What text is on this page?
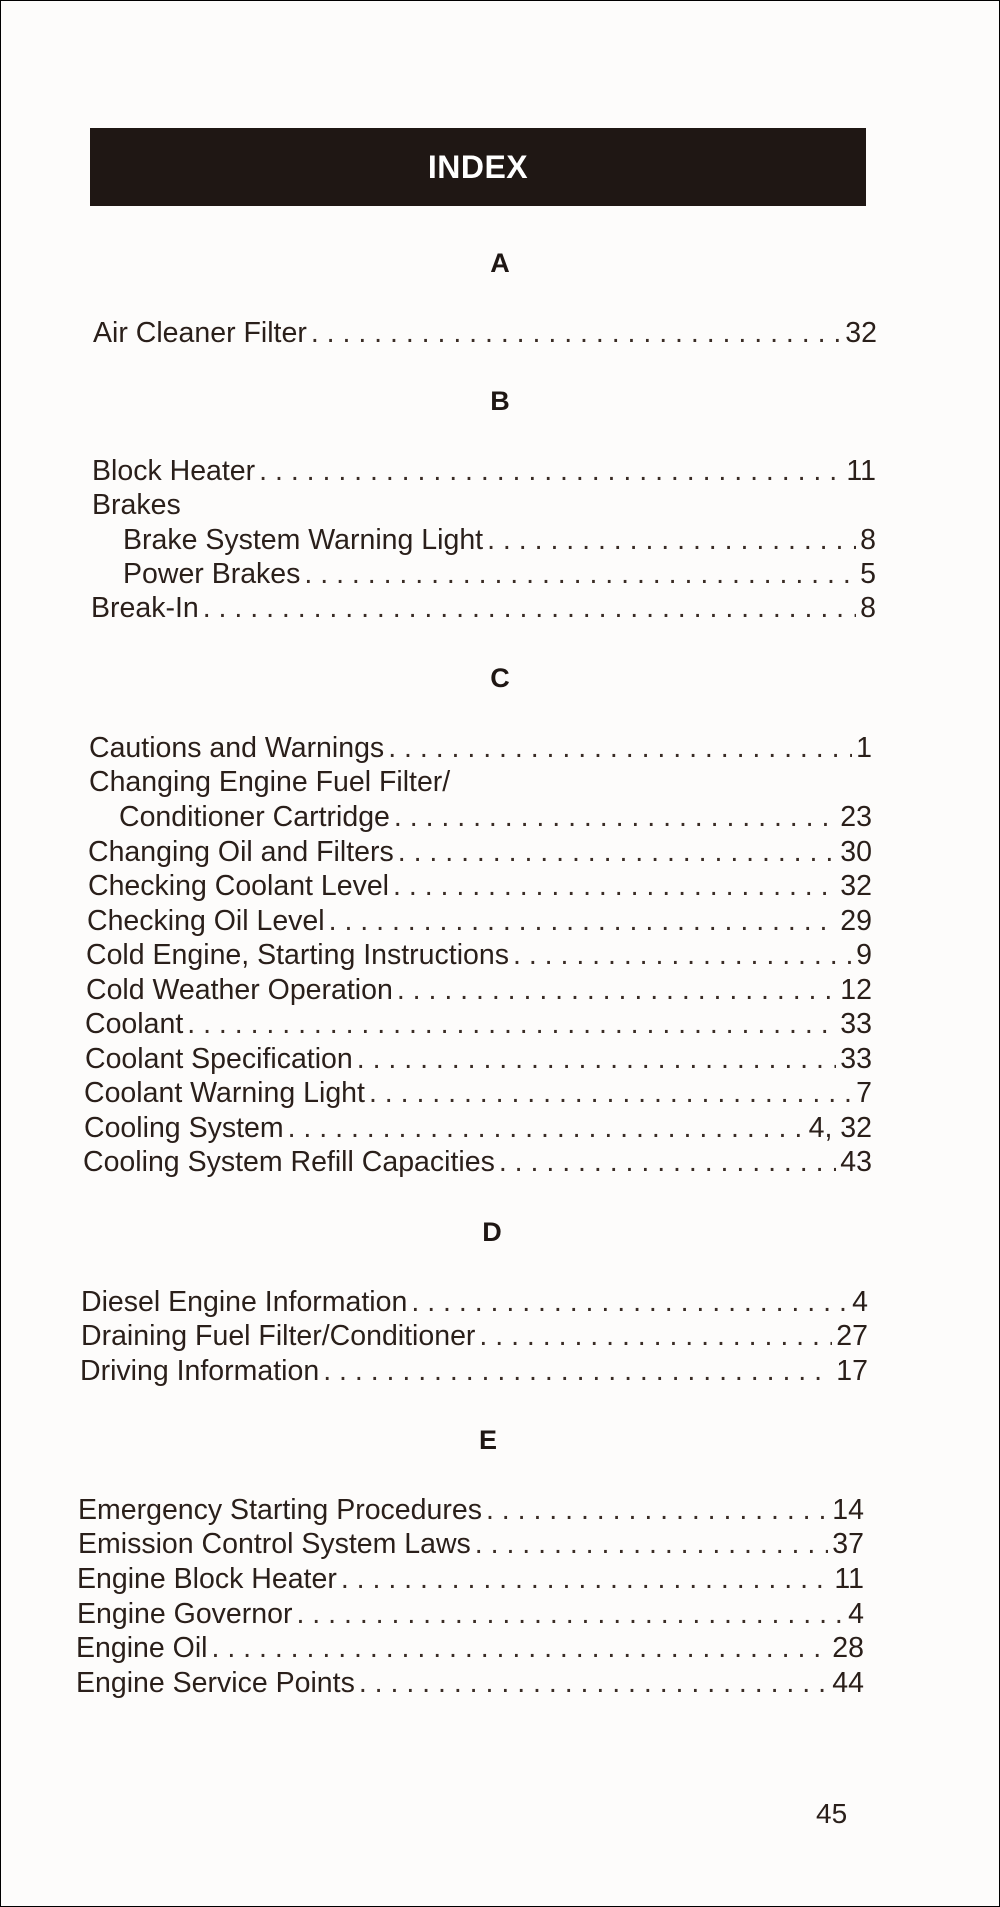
INDEX
A
Air Cleaner Filter . . .	32
B
Block Heater . . .	11
Brakes
Brake System Warning Light . . .	8
Power Brakes . . .	5
Break-In . . .	8
C
Cautions and Warnings . . .	1
Changing Engine Fuel Filter/
Conditioner Cartridge . . .	23
Changing Oil and Filters . . .	30
Checking Coolant Level . . .	32
Checking Oil Level . . .	29
Cold Engine, Starting Instructions . . .	9
Cold Weather Operation . . .	12
Coolant . . .	33
Coolant Specification . . .	33
Coolant Warning Light . . .	7
Cooling System . . .	4, 32
Cooling System Refill Capacities . . .	43
D
Diesel Engine Information . . .	4
Draining Fuel Filter/Conditioner . . .	27
Driving Information . . .	17
E
Emergency Starting Procedures . . .	14
Emission Control System Laws . . .	37
Engine Block Heater . . .	11
Engine Governor . . .	4
Engine Oil . . .	28
Engine Service Points . . .	44
45
